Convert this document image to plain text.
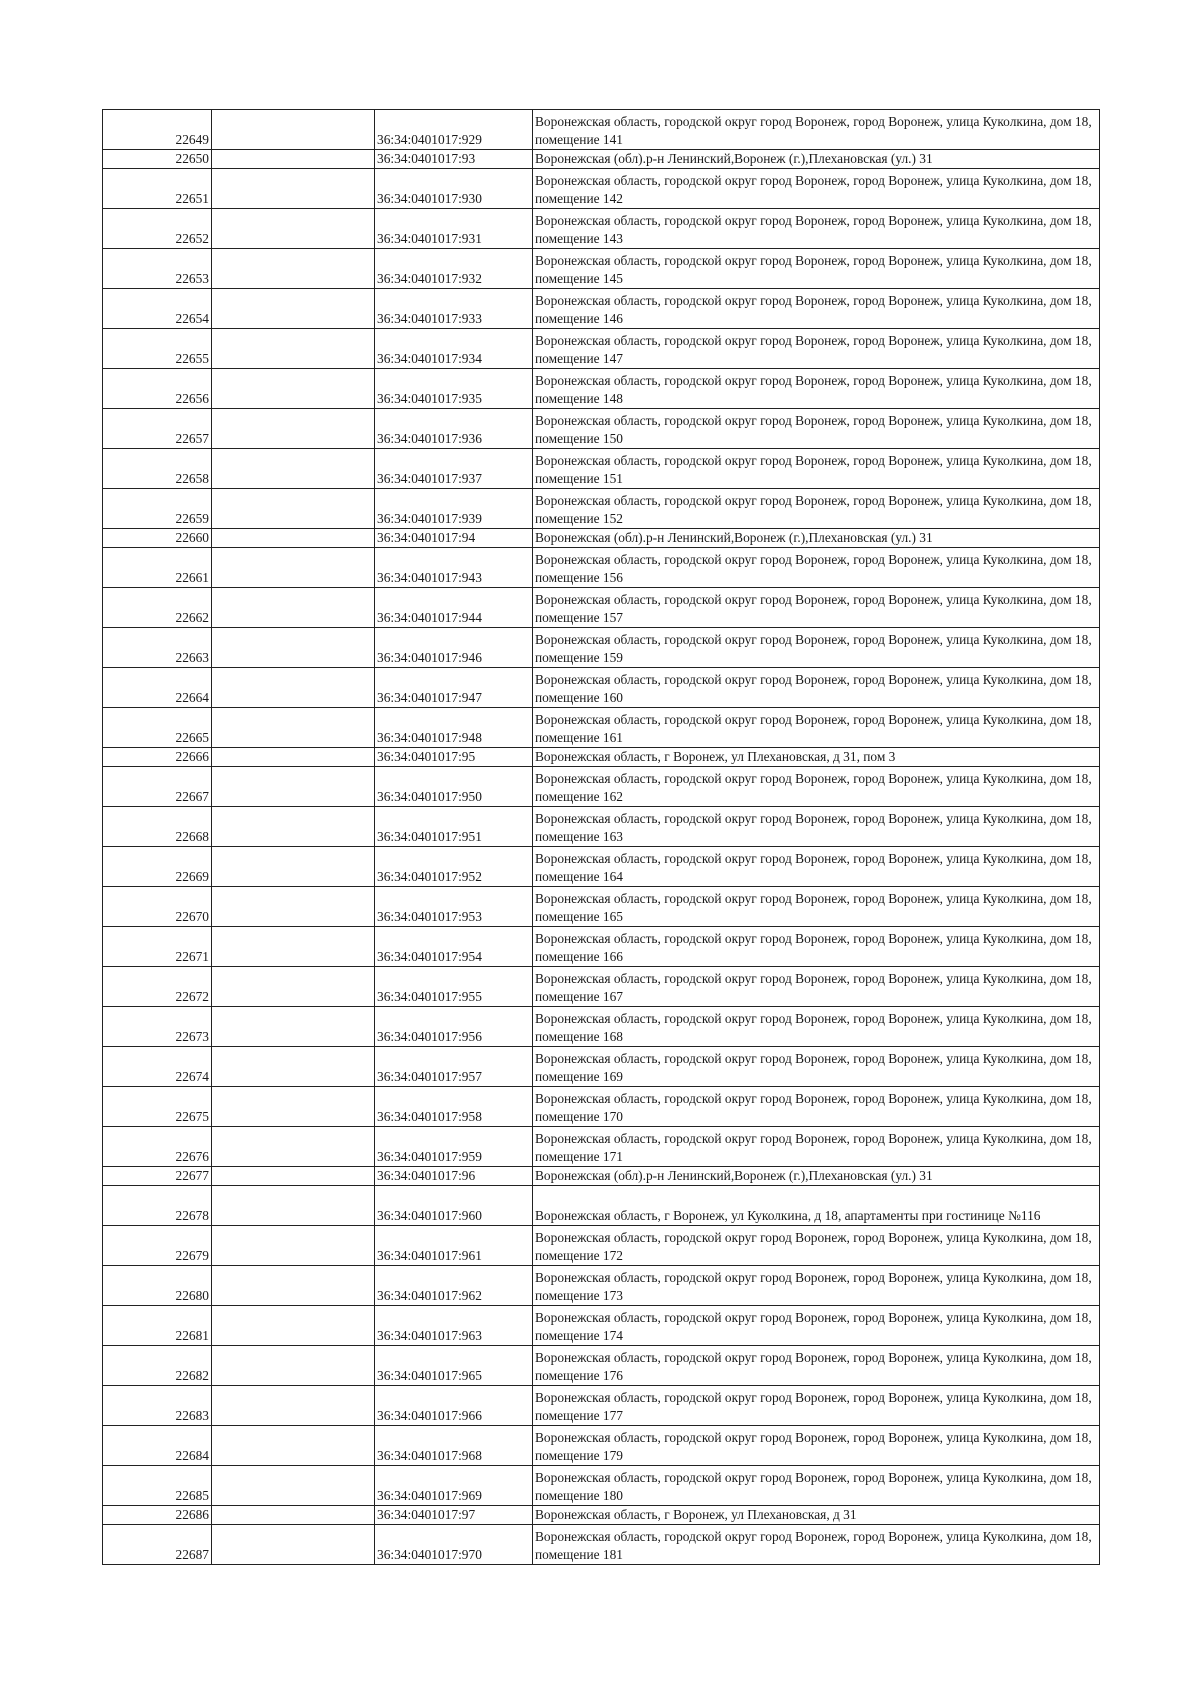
22649		36:34:0401017:929	Воронежская область, городской округ город Воронеж, город Воронеж, улица Куколкина, дом 18, помещение 141
22650		36:34:0401017:93	Воронежская (обл).р-н Ленинский,Воронеж (г.),Плехановская (ул.) 31
22651		36:34:0401017:930	Воронежская область, городской округ город Воронеж, город Воронеж, улица Куколкина, дом 18, помещение 142
22652		36:34:0401017:931	Воронежская область, городской округ город Воронеж, город Воронеж, улица Куколкина, дом 18, помещение 143
22653		36:34:0401017:932	Воронежская область, городской округ город Воронеж, город Воронеж, улица Куколкина, дом 18, помещение 145
22654		36:34:0401017:933	Воронежская область, городской округ город Воронеж, город Воронеж, улица Куколкина, дом 18, помещение 146
22655		36:34:0401017:934	Воронежская область, городской округ город Воронеж, город Воронеж, улица Куколкина, дом 18, помещение 147
22656		36:34:0401017:935	Воронежская область, городской округ город Воронеж, город Воронеж, улица Куколкина, дом 18, помещение 148
22657		36:34:0401017:936	Воронежская область, городской округ город Воронеж, город Воронеж, улица Куколкина, дом 18, помещение 150
22658		36:34:0401017:937	Воронежская область, городской округ город Воронеж, город Воронеж, улица Куколкина, дом 18, помещение 151
22659		36:34:0401017:939	Воронежская область, городской округ город Воронеж, город Воронеж, улица Куколкина, дом 18, помещение 152
22660		36:34:0401017:94	Воронежская (обл).р-н Ленинский,Воронеж (г.),Плехановская (ул.) 31
22661		36:34:0401017:943	Воронежская область, городской округ город Воронеж, город Воронеж, улица Куколкина, дом 18, помещение 156
22662		36:34:0401017:944	Воронежская область, городской округ город Воронеж, город Воронеж, улица Куколкина, дом 18, помещение 157
22663		36:34:0401017:946	Воронежская область, городской округ город Воронеж, город Воронеж, улица Куколкина, дом 18, помещение 159
22664		36:34:0401017:947	Воронежская область, городской округ город Воронеж, город Воронеж, улица Куколкина, дом 18, помещение 160
22665		36:34:0401017:948	Воронежская область, городской округ город Воронеж, город Воронеж, улица Куколкина, дом 18, помещение 161
22666		36:34:0401017:95	Воронежская область, г Воронеж, ул Плехановская, д 31, пом 3
22667		36:34:0401017:950	Воронежская область, городской округ город Воронеж, город Воронеж, улица Куколкина, дом 18, помещение 162
22668		36:34:0401017:951	Воронежская область, городской округ город Воронеж, город Воронеж, улица Куколкина, дом 18, помещение 163
22669		36:34:0401017:952	Воронежская область, городской округ город Воронеж, город Воронеж, улица Куколкина, дом 18, помещение 164
22670		36:34:0401017:953	Воронежская область, городской округ город Воронеж, город Воронеж, улица Куколкина, дом 18, помещение 165
22671		36:34:0401017:954	Воронежская область, городской округ город Воронеж, город Воронеж, улица Куколкина, дом 18, помещение 166
22672		36:34:0401017:955	Воронежская область, городской округ город Воронеж, город Воронеж, улица Куколкина, дом 18, помещение 167
22673		36:34:0401017:956	Воронежская область, городской округ город Воронеж, город Воронеж, улица Куколкина, дом 18, помещение 168
22674		36:34:0401017:957	Воронежская область, городской округ город Воронеж, город Воронеж, улица Куколкина, дом 18, помещение 169
22675		36:34:0401017:958	Воронежская область, городской округ город Воронеж, город Воронеж, улица Куколкина, дом 18, помещение 170
22676		36:34:0401017:959	Воронежская область, городской округ город Воронеж, город Воронеж, улица Куколкина, дом 18, помещение 171
22677		36:34:0401017:96	Воронежская (обл).р-н Ленинский,Воронеж (г.),Плехановская (ул.) 31
22678		36:34:0401017:960	Воронежская область, г Воронеж, ул Куколкина, д 18, апартаменты при гостинице №116
22679		36:34:0401017:961	Воронежская область, городской округ город Воронеж, город Воронеж, улица Куколкина, дом 18, помещение 172
22680		36:34:0401017:962	Воронежская область, городской округ город Воронеж, город Воронеж, улица Куколкина, дом 18, помещение 173
22681		36:34:0401017:963	Воронежская область, городской округ город Воронеж, город Воронеж, улица Куколкина, дом 18, помещение 174
22682		36:34:0401017:965	Воронежская область, городской округ город Воронеж, город Воронеж, улица Куколкина, дом 18, помещение 176
22683		36:34:0401017:966	Воронежская область, городской округ город Воронеж, город Воронеж, улица Куколкина, дом 18, помещение 177
22684		36:34:0401017:968	Воронежская область, городской округ город Воронеж, город Воронеж, улица Куколкина, дом 18, помещение 179
22685		36:34:0401017:969	Воронежская область, городской округ город Воронеж, город Воронеж, улица Куколкина, дом 18, помещение 180
22686		36:34:0401017:97	Воронежская область, г Воронеж, ул Плехановская, д 31
22687		36:34:0401017:970	Воронежская область, городской округ город Воронеж, город Воронеж, улица Куколкина, дом 18, помещение 181
